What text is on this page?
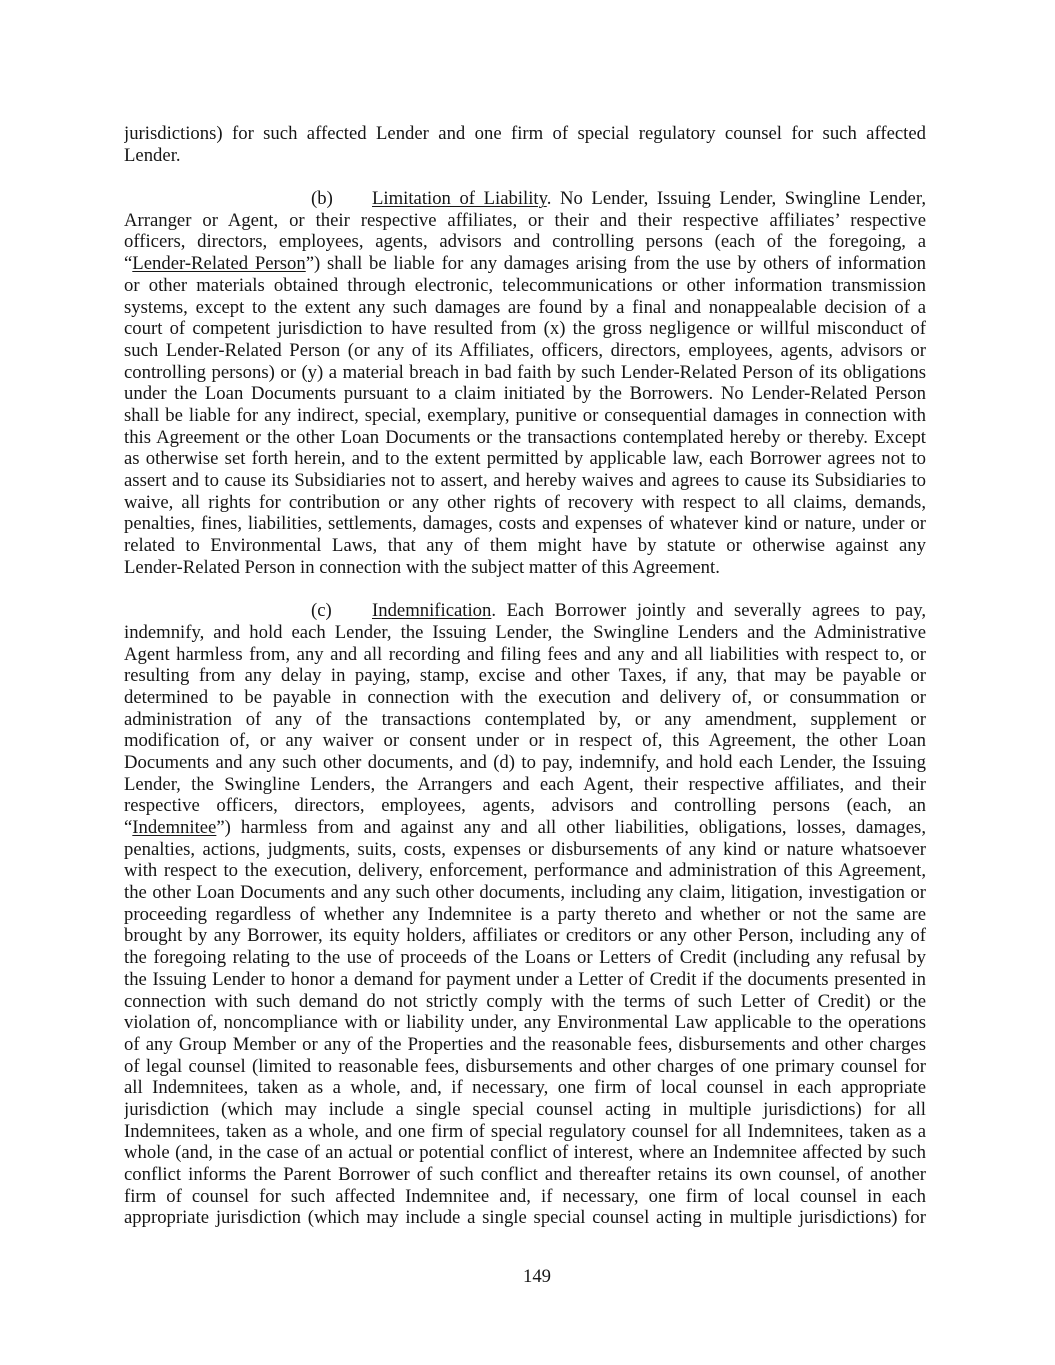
jurisdictions) for such affected Lender and one firm of special regulatory counsel for such affected
Lender.
(b)	Limitation of Liability. No Lender, Issuing Lender, Swingline Lender,
Arranger or Agent, or their respective affiliates, or their and their respective affiliates’ respective
officers, directors, employees, agents, advisors and controlling persons (each of the foregoing, a
“Lender-Related Person”) shall be liable for any damages arising from the use by others of information
or other materials obtained through electronic, telecommunications or other information transmission
systems, except to the extent any such damages are found by a final and nonappealable decision of a
court of competent jurisdiction to have resulted from (x) the gross negligence or willful misconduct of
such Lender-Related Person (or any of its Affiliates, officers, directors, employees, agents, advisors or
controlling persons) or (y) a material breach in bad faith by such Lender-Related Person of its obligations
under the Loan Documents pursuant to a claim initiated by the Borrowers. No Lender-Related Person
shall be liable for any indirect, special, exemplary, punitive or consequential damages in connection with
this Agreement or the other Loan Documents or the transactions contemplated hereby or thereby. Except
as otherwise set forth herein, and to the extent permitted by applicable law, each Borrower agrees not to
assert and to cause its Subsidiaries not to assert, and hereby waives and agrees to cause its Subsidiaries to
waive, all rights for contribution or any other rights of recovery with respect to all claims, demands,
penalties, fines, liabilities, settlements, damages, costs and expenses of whatever kind or nature, under or
related to Environmental Laws, that any of them might have by statute or otherwise against any
Lender-Related Person in connection with the subject matter of this Agreement.
(c)	Indemnification. Each Borrower jointly and severally agrees to pay,
indemnify, and hold each Lender, the Issuing Lender, the Swingline Lenders and the Administrative
Agent harmless from, any and all recording and filing fees and any and all liabilities with respect to, or
resulting from any delay in paying, stamp, excise and other Taxes, if any, that may be payable or
determined to be payable in connection with the execution and delivery of, or consummation or
administration of any of the transactions contemplated by, or any amendment, supplement or
modification of, or any waiver or consent under or in respect of, this Agreement, the other Loan
Documents and any such other documents, and (d) to pay, indemnify, and hold each Lender, the Issuing
Lender, the Swingline Lenders, the Arrangers and each Agent, their respective affiliates, and their
respective officers, directors, employees, agents, advisors and controlling persons (each, an
“Indemnitee”) harmless from and against any and all other liabilities, obligations, losses, damages,
penalties, actions, judgments, suits, costs, expenses or disbursements of any kind or nature whatsoever
with respect to the execution, delivery, enforcement, performance and administration of this Agreement,
the other Loan Documents and any such other documents, including any claim, litigation, investigation or
proceeding regardless of whether any Indemnitee is a party thereto and whether or not the same are
brought by any Borrower, its equity holders, affiliates or creditors or any other Person, including any of
the foregoing relating to the use of proceeds of the Loans or Letters of Credit (including any refusal by
the Issuing Lender to honor a demand for payment under a Letter of Credit if the documents presented in
connection with such demand do not strictly comply with the terms of such Letter of Credit) or the
violation of, noncompliance with or liability under, any Environmental Law applicable to the operations
of any Group Member or any of the Properties and the reasonable fees, disbursements and other charges
of legal counsel (limited to reasonable fees, disbursements and other charges of one primary counsel for
all Indemnitees, taken as a whole, and, if necessary, one firm of local counsel in each appropriate
jurisdiction (which may include a single special counsel acting in multiple jurisdictions) for all
Indemnitees, taken as a whole, and one firm of special regulatory counsel for all Indemnitees, taken as a
whole (and, in the case of an actual or potential conflict of interest, where an Indemnitee affected by such
conflict informs the Parent Borrower of such conflict and thereafter retains its own counsel, of another
firm of counsel for such affected Indemnitee and, if necessary, one firm of local counsel in each
appropriate jurisdiction (which may include a single special counsel acting in multiple jurisdictions) for
149
